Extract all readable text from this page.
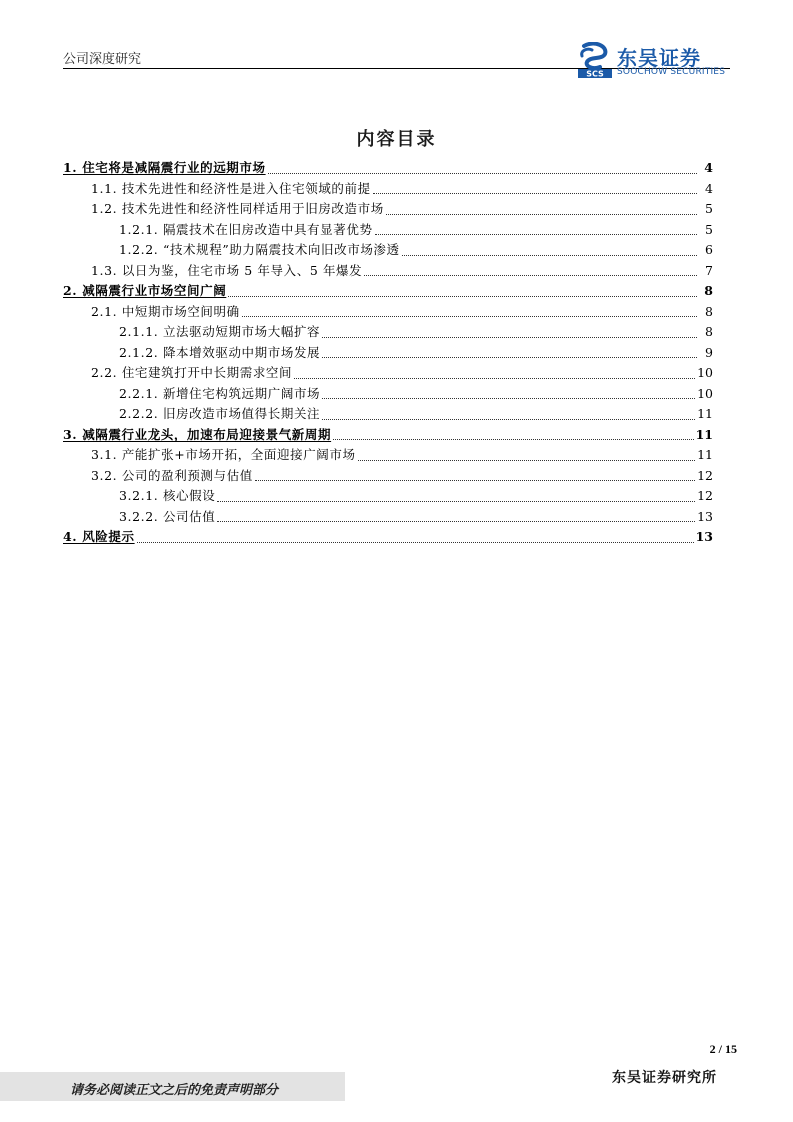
公司深度研究
SCS
东吴证券
SOOCHOW SECURITIES
内容目录
1. 住宅将是减隔震行业的远期市场	4
1.1. 技术先进性和经济性是进入住宅领域的前提	4
1.2. 技术先进性和经济性同样适用于旧房改造市场	5
1.2.1. 隔震技术在旧房改造中具有显著优势	5
1.2.2. “技术规程”助力隔震技术向旧改市场渗透	6
1.3. 以日为鉴，住宅市场 5 年导入、5 年爆发	7
2. 减隔震行业市场空间广阔	8
2.1. 中短期市场空间明确	8
2.1.1. 立法驱动短期市场大幅扩容	8
2.1.2. 降本增效驱动中期市场发展	9
2.2. 住宅建筑打开中长期需求空间	10
2.2.1. 新增住宅构筑远期广阔市场	10
2.2.2. 旧房改造市场值得长期关注	11
3. 减隔震行业龙头，加速布局迎接景气新周期	11
3.1. 产能扩张+市场开拓，全面迎接广阔市场	11
3.2. 公司的盈利预测与估值	12
3.2.1. 核心假设	12
3.2.2. 公司估值	13
4. 风险提示	13
2 / 15
请务必阅读正文之后的免责声明部分
东吴证券研究所
